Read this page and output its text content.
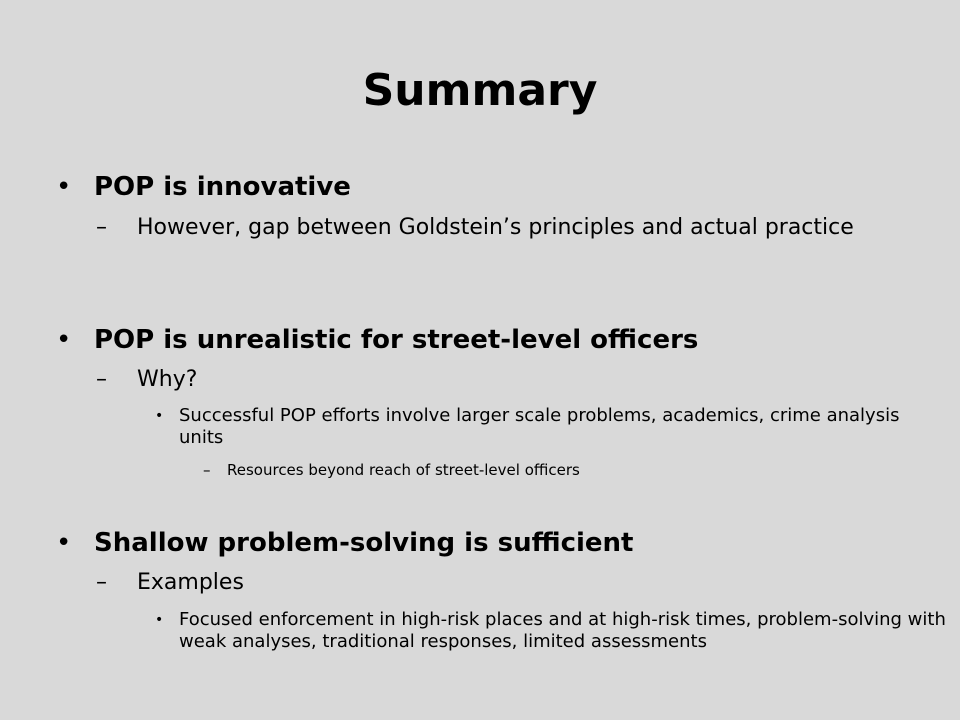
Summary
• POP is innovative
– However, gap between Goldstein’s principles and actual practice
• POP is unrealistic for street-level officers
– Why?
• Successful POP efforts involve larger scale problems, academics, crime analysis units
– Resources beyond reach of street-level officers
• Shallow problem-solving is sufficient
– Examples
• Focused enforcement in high-risk places and at high-risk times, problem-solving with weak analyses, traditional responses, limited assessments
